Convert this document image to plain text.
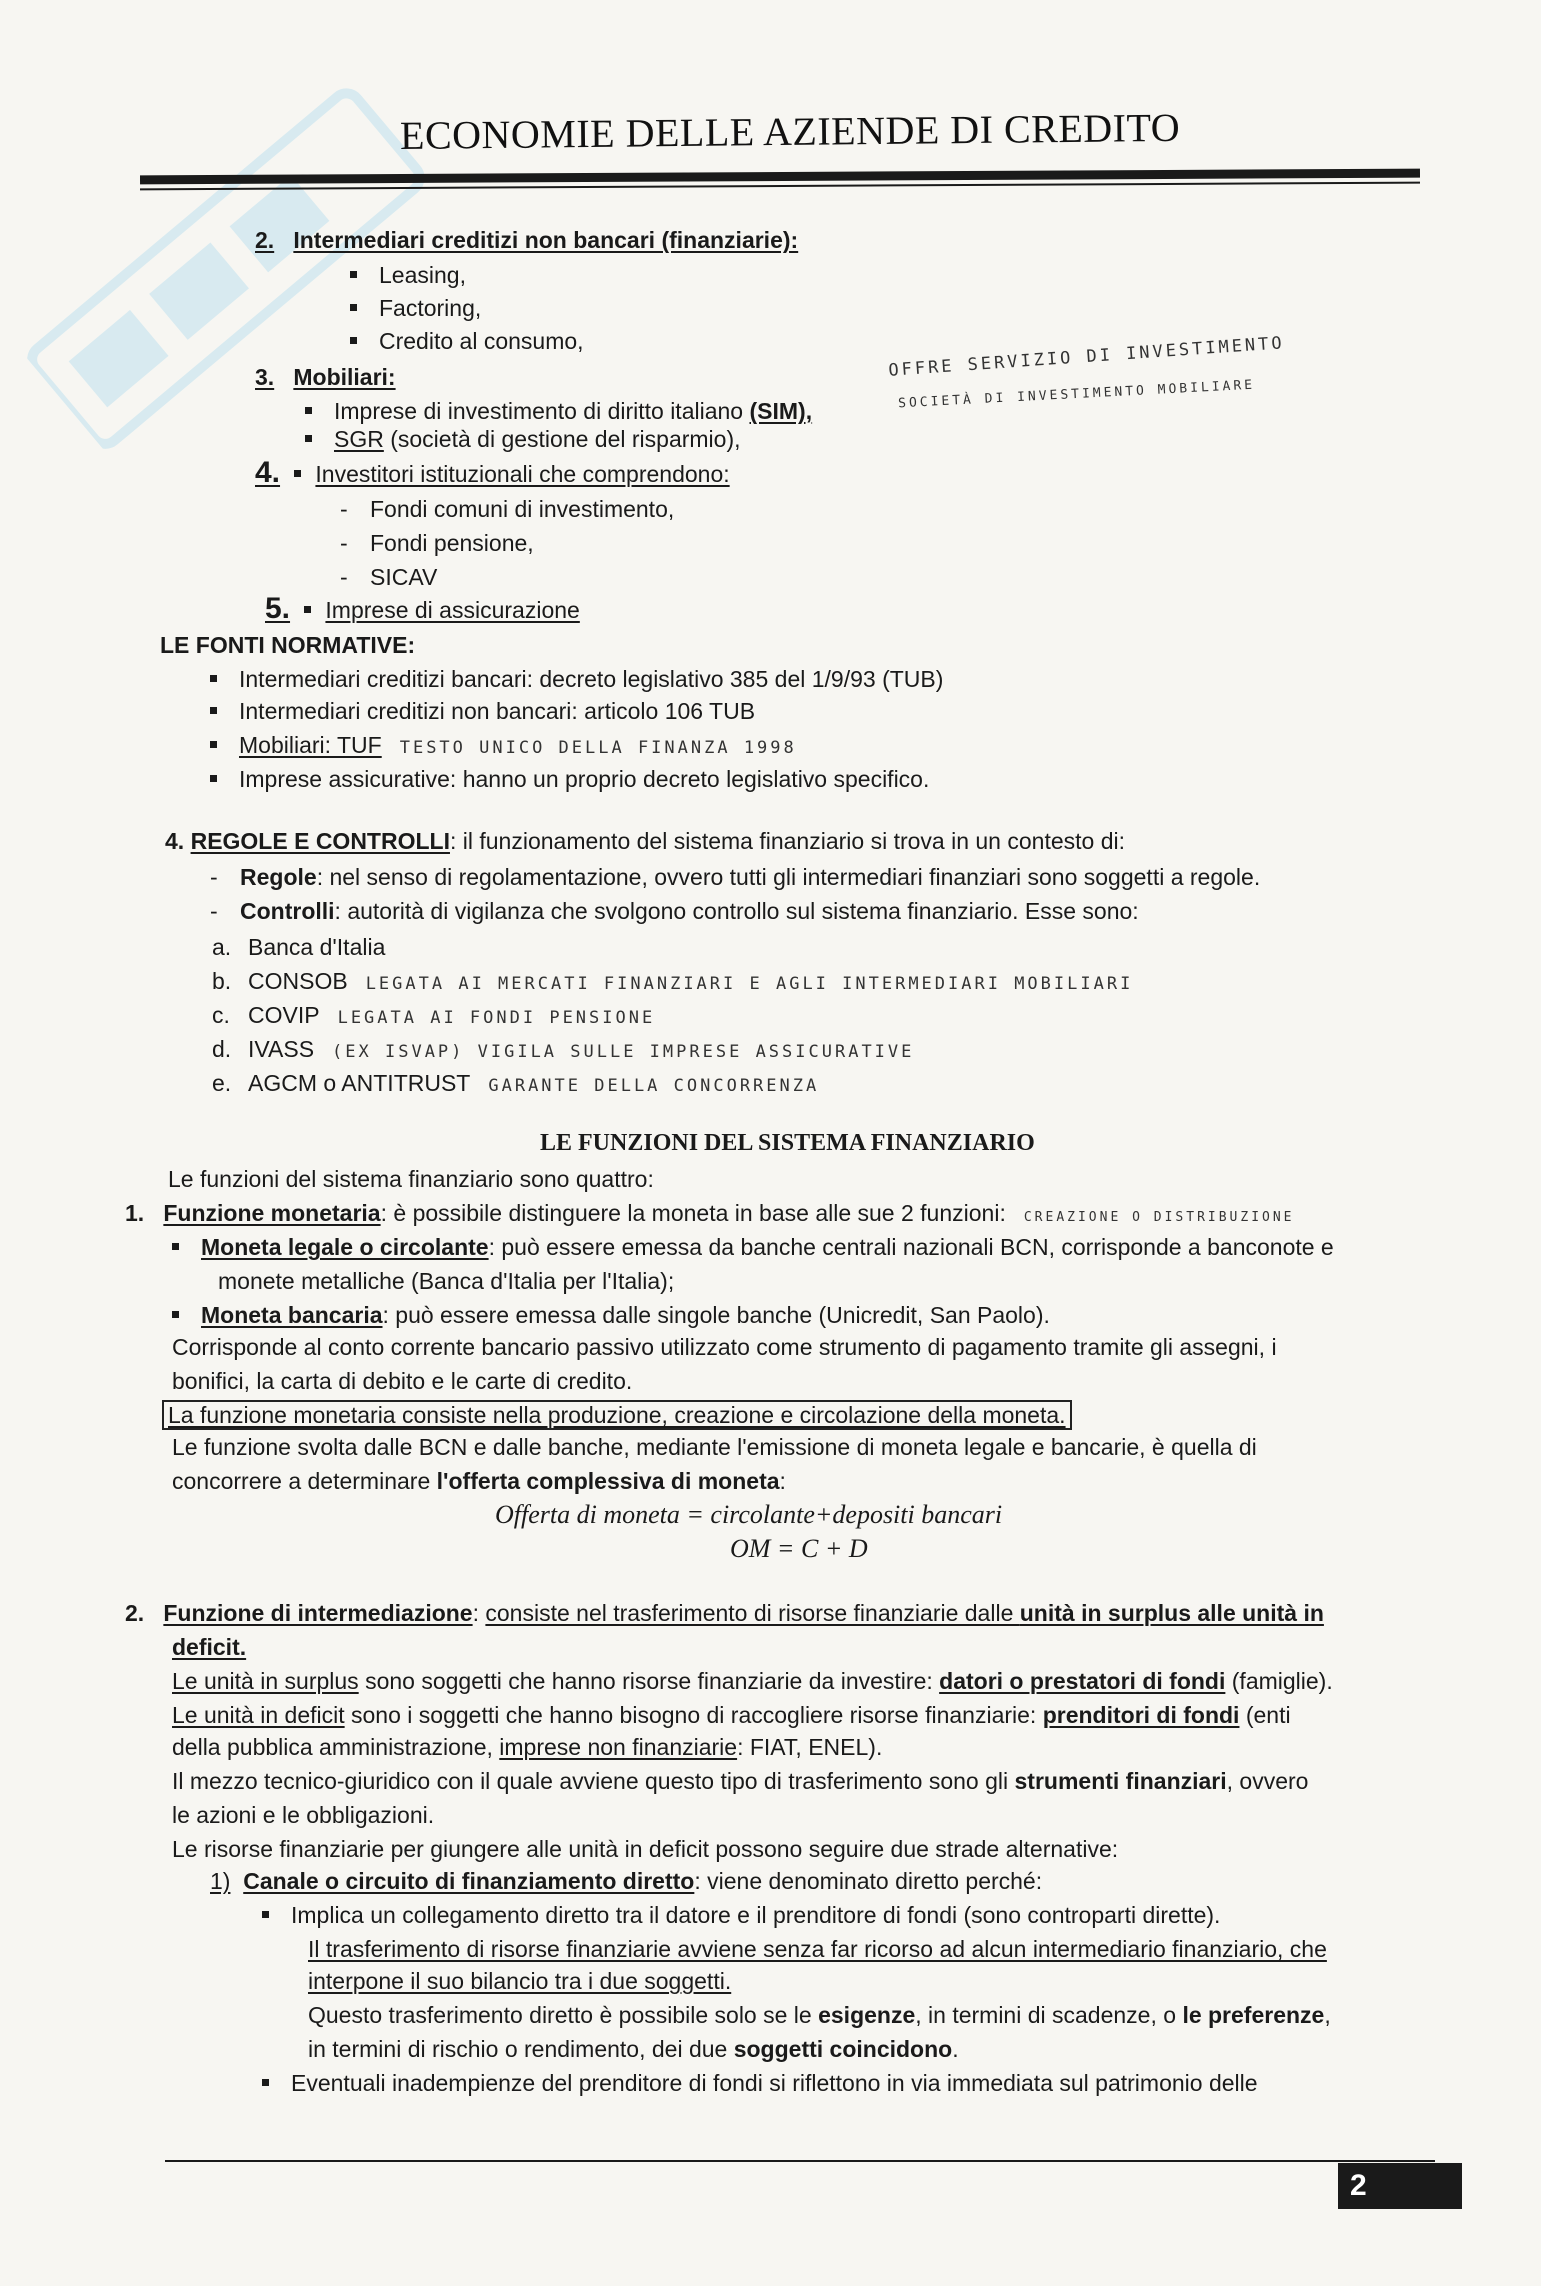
ECONOMIE DELLE AZIENDE DI CREDITO
2. Intermediari creditizi non bancari (finanziarie):
Leasing,
Factoring,
Credito al consumo,
3. Mobiliari:	OFFRE SERVIZIO DI INVESTIMENTO
Imprese di investimento di diritto italiano (SIM),	SOCIETÀ DI INVESTIMENTO MOBILIARE
SGR (società di gestione del risparmio),
4. Investitori istituzionali che comprendono:
- Fondi comuni di investimento,
- Fondi pensione,
- SICAV
5. Imprese di assicurazione
LE FONTI NORMATIVE:
Intermediari creditizi bancari: decreto legislativo 385 del 1/9/93 (TUB)
Intermediari creditizi non bancari: articolo 106 TUB
Mobiliari: TUF TESTO UNICO DELLA FINANZA 1998
Imprese assicurative: hanno un proprio decreto legislativo specifico.
4. REGOLE E CONTROLLI: il funzionamento del sistema finanziario si trova in un contesto di:
- Regole: nel senso di regolamentazione, ovvero tutti gli intermediari finanziari sono soggetti a regole.
- Controlli: autorità di vigilanza che svolgono controllo sul sistema finanziario. Esse sono:
a. Banca d'Italia
b. CONSOB LEGATA AI MERCATI FINANZIARI E AGLI INTERMEDIARI MOBILIARI
c. COVIP LEGATA AI FONDI PENSIONE
d. IVASS (EX ISVAP) VIGILA SULLE IMPRESE ASSICURATIVE
e. AGCM o ANTITRUST GARANTE DELLA CONCORRENZA
LE FUNZIONI DEL SISTEMA FINANZIARIO
Le funzioni del sistema finanziario sono quattro:
1. Funzione monetaria: è possibile distinguere la moneta in base alle sue 2 funzioni: CREAZIONE O DISTRIBUZIONE
Moneta legale o circolante: può essere emessa da banche centrali nazionali BCN, corrisponde a banconote e
monete metalliche (Banca d'Italia per l'Italia);
Moneta bancaria: può essere emessa dalle singole banche (Unicredit, San Paolo).
Corrisponde al conto corrente bancario passivo utilizzato come strumento di pagamento tramite gli assegni, i
bonifici, la carta di debito e le carte di credito.
La funzione monetaria consiste nella produzione, creazione e circolazione della moneta.
Le funzione svolta dalle BCN e dalle banche, mediante l'emissione di moneta legale e bancarie, è quella di
concorrere a determinare l'offerta complessiva di moneta:
Offerta di moneta = circolante+depositi bancari
OM = C + D
2. Funzione di intermediazione: consiste nel trasferimento di risorse finanziarie dalle unità in surplus alle unità in
deficit.
Le unità in surplus sono soggetti che hanno risorse finanziarie da investire: datori o prestatori di fondi (famiglie).
Le unità in deficit sono i soggetti che hanno bisogno di raccogliere risorse finanziarie: prenditori di fondi (enti
della pubblica amministrazione, imprese non finanziarie: FIAT, ENEL).
Il mezzo tecnico-giuridico con il quale avviene questo tipo di trasferimento sono gli strumenti finanziari, ovvero
le azioni e le obbligazioni.
Le risorse finanziarie per giungere alle unità in deficit possono seguire due strade alternative:
1) Canale o circuito di finanziamento diretto: viene denominato diretto perché:
Implica un collegamento diretto tra il datore e il prenditore di fondi (sono controparti dirette).
Il trasferimento di risorse finanziarie avviene senza far ricorso ad alcun intermediario finanziario, che
interpone il suo bilancio tra i due soggetti.
Questo trasferimento diretto è possibile solo se le esigenze, in termini di scadenze, o le preferenze,
in termini di rischio o rendimento, dei due soggetti coincidono.
Eventuali inadempienze del prenditore di fondi si riflettono in via immediata sul patrimonio delle
2
